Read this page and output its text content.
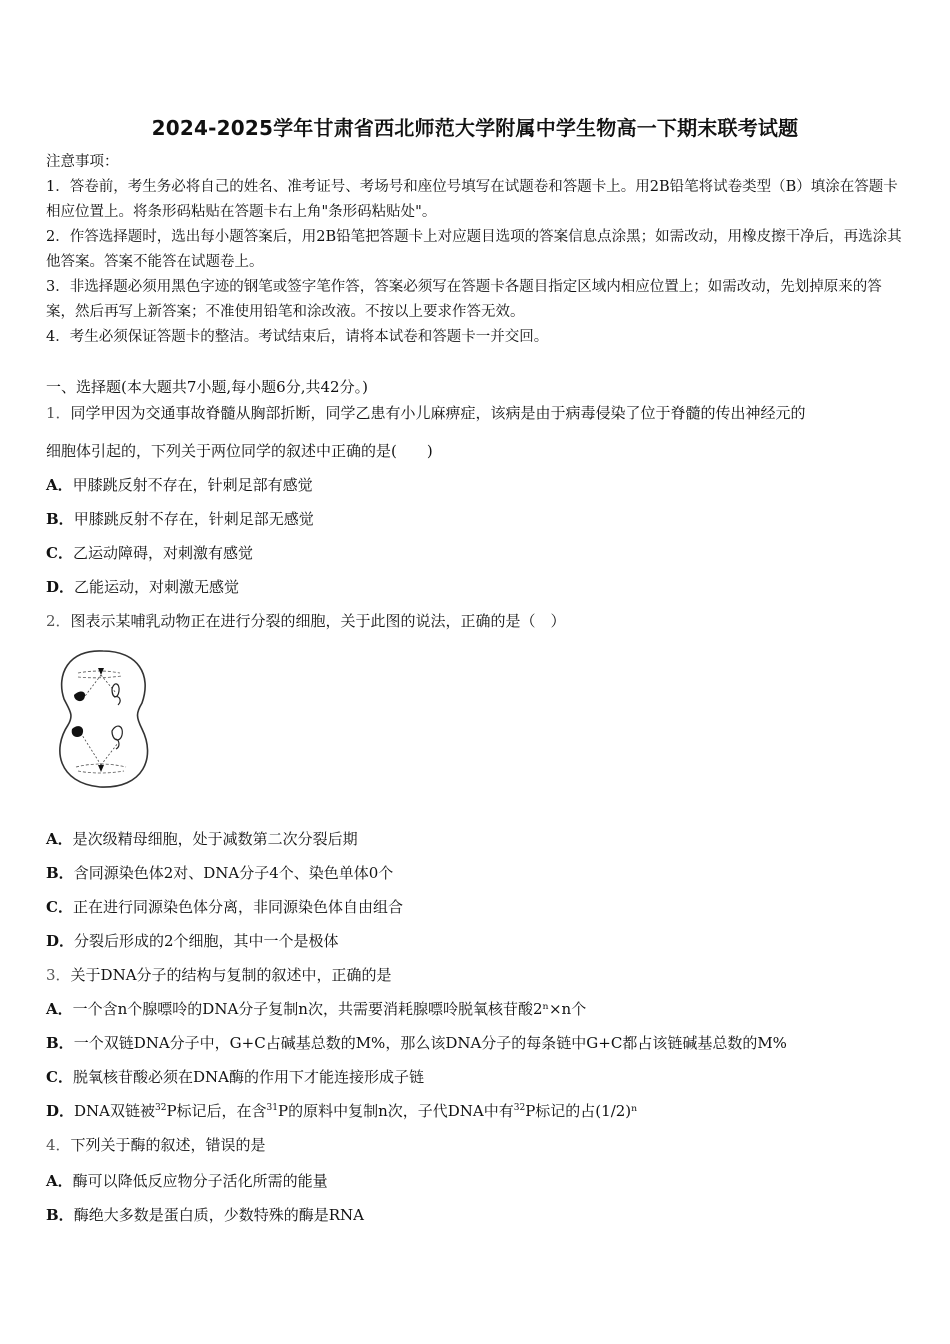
2024-2025学年甘肃省西北师范大学附属中学生物高一下期末联考试题

注意事项：

1．答卷前，考生务必将自己的姓名、准考证号、考场号和座位号填写在试题卷和答题卡上。用2B铅笔将试卷类型（B）填涂在答题卡相应位置上。将条形码粘贴在答题卡右上角"条形码粘贴处"。

2．作答选择题时，选出每小题答案后，用2B铅笔把答题卡上对应题目选项的答案信息点涂黑；如需改动，用橡皮擦干净后，再选涂其他答案。答案不能答在试题卷上。

3．非选择题必须用黑色字迹的钢笔或签字笔作答，答案必须写在答题卡各题目指定区域内相应位置上；如需改动，先划掉原来的答案，然后再写上新答案；不准使用铅笔和涂改液。不按以上要求作答无效。

4．考生必须保证答题卡的整洁。考试结束后，请将本试卷和答题卡一并交回。

一、选择题(本大题共7小题,每小题6分,共42分。)
1．同学甲因为交通事故脊髓从胸部折断，同学乙患有小儿麻痹症，该病是由于病毒侵染了位于脊髓的传出神经元的
细胞体引起的，下列关于两位同学的叙述中正确的是(　　)
A．甲膝跳反射不存在，针刺足部有感觉
B．甲膝跳反射不存在，针刺足部无感觉
C．乙运动障碍，对刺激有感觉
D．乙能运动，对刺激无感觉
2．图表示某哺乳动物正在进行分裂的细胞，关于此图的说法，正确的是（　）
A．是次级精母细胞，处于减数第二次分裂后期
B．含同源染色体2对、DNA分子4个、染色单体0个
C．正在进行同源染色体分离，非同源染色体自由组合
D．分裂后形成的2个细胞，其中一个是极体
3．关于DNA分子的结构与复制的叙述中，正确的是
A．一个含n个腺嘌呤的DNA分子复制n次，共需要消耗腺嘌呤脱氧核苷酸2ⁿ×n个
B．一个双链DNA分子中，G+C占碱基总数的M%，那么该DNA分子的每条链中G+C都占该链碱基总数的M%
C．脱氧核苷酸必须在DNA酶的作用下才能连接形成子链
D．DNA双链被$^{32}$P标记后，在含$^{31}$P的原料中复制n次，子代DNA中有$^{32}$P标记的占(1/2)ⁿ
4．下列关于酶的叙述，错误的是
A．酶可以降低反应物分子活化所需的能量
B．酶绝大多数是蛋白质，少数特殊的酶是RNA
